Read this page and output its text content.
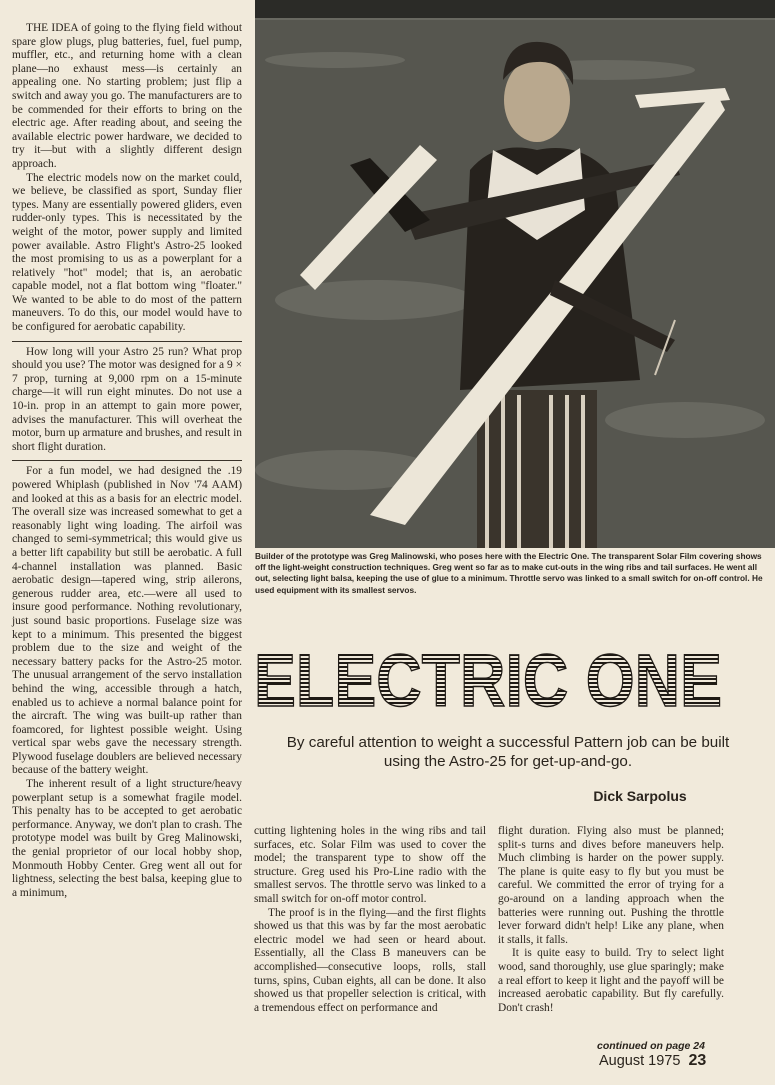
THE IDEA of going to the flying field without spare glow plugs, plug batteries, fuel, fuel pump, muffler, etc., and returning home with a clean plane—no exhaust mess—is certainly an appealing one. No starting problem; just flip a switch and away you go. The manufacturers are to be commended for their efforts to bring on the electric age. After reading about, and seeing the available electric power hardware, we decided to try it—but with a slightly different design approach.

The electric models now on the market could, we believe, be classified as sport, Sunday flier types. Many are essentially powered gliders, even rudder-only types. This is necessitated by the weight of the motor, power supply and limited power available. Astro Flight's Astro-25 looked the most promising to us as a powerplant for a relatively "hot" model; that is, an aerobatic capable model, not a flat bottom wing "floater." We wanted to be able to do most of the pattern maneuvers. To do this, our model would have to be configured for aerobatic capability.

How long will your Astro 25 run? What prop should you use? The motor was designed for a 9 × 7 prop, turning at 9,000 rpm on a 15-minute charge—it will run eight minutes. Do not use a 10-in. prop in an attempt to gain more power, advises the manufacturer. This will overheat the motor, burn up armature and brushes, and result in short flight duration.

For a fun model, we had designed the .19 powered Whiplash (published in Nov '74 AAM) and looked at this as a basis for an electric model. The overall size was increased somewhat to get a reasonably light wing loading. The airfoil was changed to semi-symmetrical; this would give us a better lift capability but still be aerobatic. A full 4-channel installation was planned. Basic aerobatic design—tapered wing, strip ailerons, generous rudder area, etc.—were all used to insure good performance. Nothing revolutionary, just sound basic proportions. Fuselage size was kept to a minimum. This presented the biggest problem due to the size and weight of the necessary battery packs for the Astro-25 motor. The unusual arrangement of the servo installation behind the wing, accessible through a hatch, enabled us to achieve a normal balance point for the aircraft. The wing was built-up rather than foamcored, for lightest possible weight. Using vertical spar webs gave the necessary strength. Plywood fuselage doublers are believed necessary because of the battery weight.

The inherent result of a light structure/heavy powerplant setup is a somewhat fragile model. This penalty has to be accepted to get aerobatic performance. Anyway, we don't plan to crash. The prototype model was built by Greg Malinowski, the genial proprietor of our local hobby shop, Monmouth Hobby Center. Greg went all out for lightness, selecting the best balsa, keeping glue to a minimum,

Builder of the prototype was Greg Malinowski, who poses here with the Electric One. The transparent Solar Film covering shows off the light-weight construction techniques. Greg went so far as to make cut-outs in the wing ribs and tail surfaces. He went all out, selecting light balsa, keeping the use of glue to a minimum. Throttle servo was linked to a small switch for on-off control. He used equipment with its smallest servos.
ELECTRIC ONE
By careful attention to weight a successful Pattern job can be built using the Astro-25 for get-up-and-go.
Dick Sarpolus

cutting lightening holes in the wing ribs and tail surfaces, etc. Solar Film was used to cover the model; the transparent type to show off the structure. Greg used his Pro-Line radio with the smallest servos. The throttle servo was linked to a small switch for on-off motor control.

The proof is in the flying—and the first flights showed us that this was by far the most aerobatic electric model we had seen or heard about. Essentially, all the Class B maneuvers can be accomplished—consecutive loops, rolls, stall turns, spins, Cuban eights, all can be done. It also showed us that propeller selection is critical, with a tremendous effect on performance and

flight duration. Flying also must be planned; split-s turns and dives before maneuvers help. Much climbing is harder on the power supply. The plane is quite easy to fly but you must be careful. We committed the error of trying for a go-around on a landing approach when the batteries were running out. Pushing the throttle lever forward didn't help! Like any plane, when it stalls, it falls.

It is quite easy to build. Try to select light wood, sand thoroughly, use glue sparingly; make a real effort to keep it light and the payoff will be increased aerobatic capability. But fly carefully. Don't crash!

continued on page 24
August 1975 23
